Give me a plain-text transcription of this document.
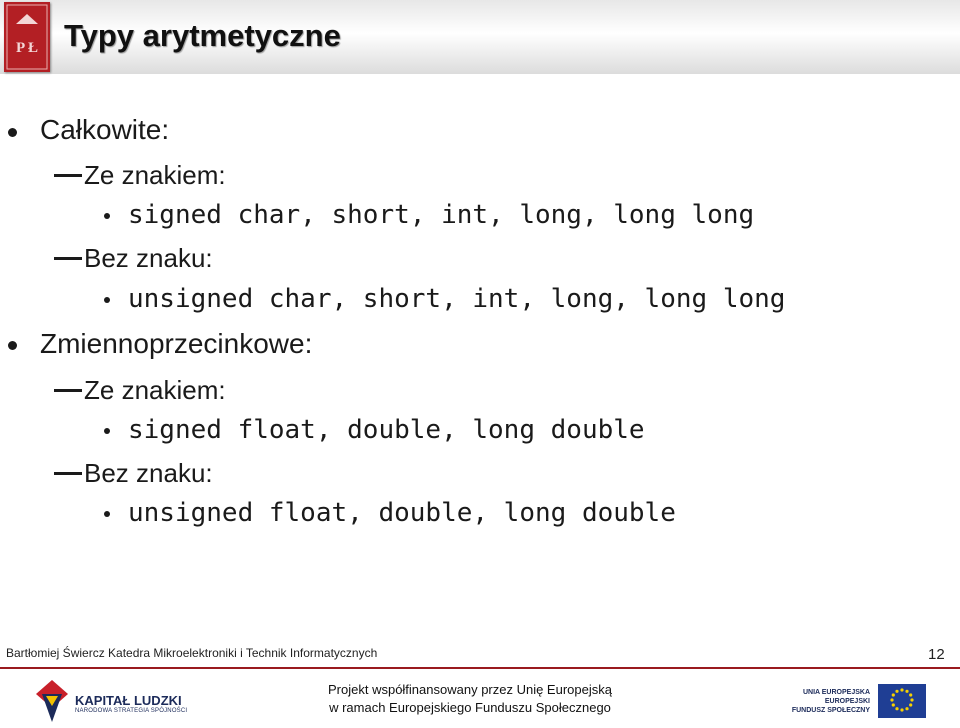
P Ł Typy arytmetyczne
Całkowite:
Ze znakiem:
signed char, short, int, long, long long
Bez znaku:
unsigned char, short, int, long, long long
Zmiennoprzecinkowe:
Ze znakiem:
signed float, double, long double
Bez znaku:
unsigned float, double, long double
Bartłomiej Świercz Katedra Mikroelektroniki i Technik Informatycznych	12
KAPITAŁ LUDZKI
NARODOWA STRATEGIA SPÓJNOŚCI
Projekt współfinansowany przez Unię Europejską
w ramach Europejskiego Funduszu Społecznego
UNIA EUROPEJSKA
EUROPEJSKI
FUNDUSZ SPOŁECZNY
